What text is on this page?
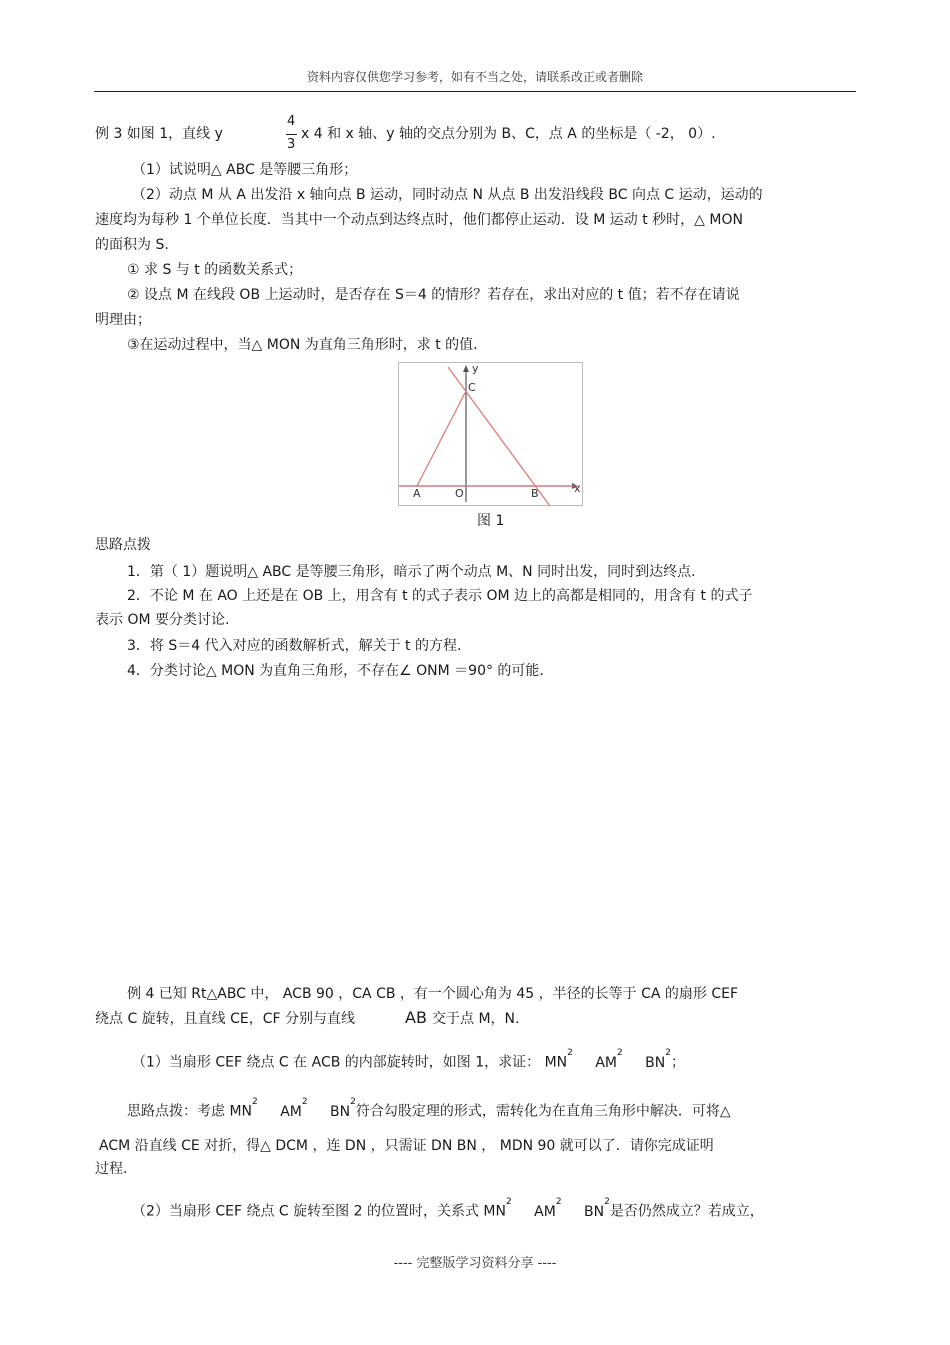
资料内容仅供您学习参考，如有不当之处，请联系改正或者删除
例 3 如图 1，直线 y
4
3
x 4 和 x 轴、y 轴的交点分别为 B、C，点 A 的坐标是（ -2， 0）.
（1）试说明△ ABC 是等腰三角形；
（2）动点 M 从 A 出发沿 x 轴向点 B 运动，同时动点 N 从点 B 出发沿线段 BC 向点 C 运动，运动的
速度均为每秒 1 个单位长度．当其中一个动点到达终点时，他们都停止运动．设 M 运动 t 秒时，△ MON
的面积为 S.
① 求 S 与 t 的函数关系式；
② 设点 M 在线段 OB 上运动时，是否存在 S＝4 的情形？若存在，求出对应的 t 值；若不存在请说
明理由；
③在运动过程中，当△ MON 为直角三角形时，求 t 的值.
y
x
C
A	O	B
图 1
思路点拨
1．第（ 1）题说明△ ABC 是等腰三角形，暗示了两个动点 M、N 同时出发，同时到达终点.
2．不论 M 在 AO 上还是在 OB 上，用含有 t 的式子表示 OM 边上的高都是相同的，用含有 t 的式子
表示 OM 要分类讨论.
3．将 S＝4 代入对应的函数解析式，解关于 t 的方程.
4．分类讨论△ MON 为直角三角形，不存在∠ ONM ＝90° 的可能.
例 4 已知 Rt△ABC 中， ACB 90 ，CA CB ，有一个圆心角为 45 ，半径的长等于 CA 的扇形 CEF
绕点 C 旋转，且直线 CE，CF 分别与直线	AB 交于点 M，N.
（1）当扇形 CEF 绕点 C 在 ACB 的内部旋转时，如图 1，求证： $MN^2$ $AM^2$ $BN^2$；
思路点拨：考虑 $MN^2$ $AM^2$ $BN^2$符合勾股定理的形式，需转化为在直角三角形中解决．可将△
ACM 沿直线 CE 对折，得△ DCM ，连 DN ，只需证 DN BN ， MDN 90 就可以了．请你完成证明
过程.
（2）当扇形 CEF 绕点 C 旋转至图 2 的位置时，关系式 $MN^2$ $AM^2$ $BN^2$是否仍然成立？若成立，
---- 完整版学习资料分享 ----
